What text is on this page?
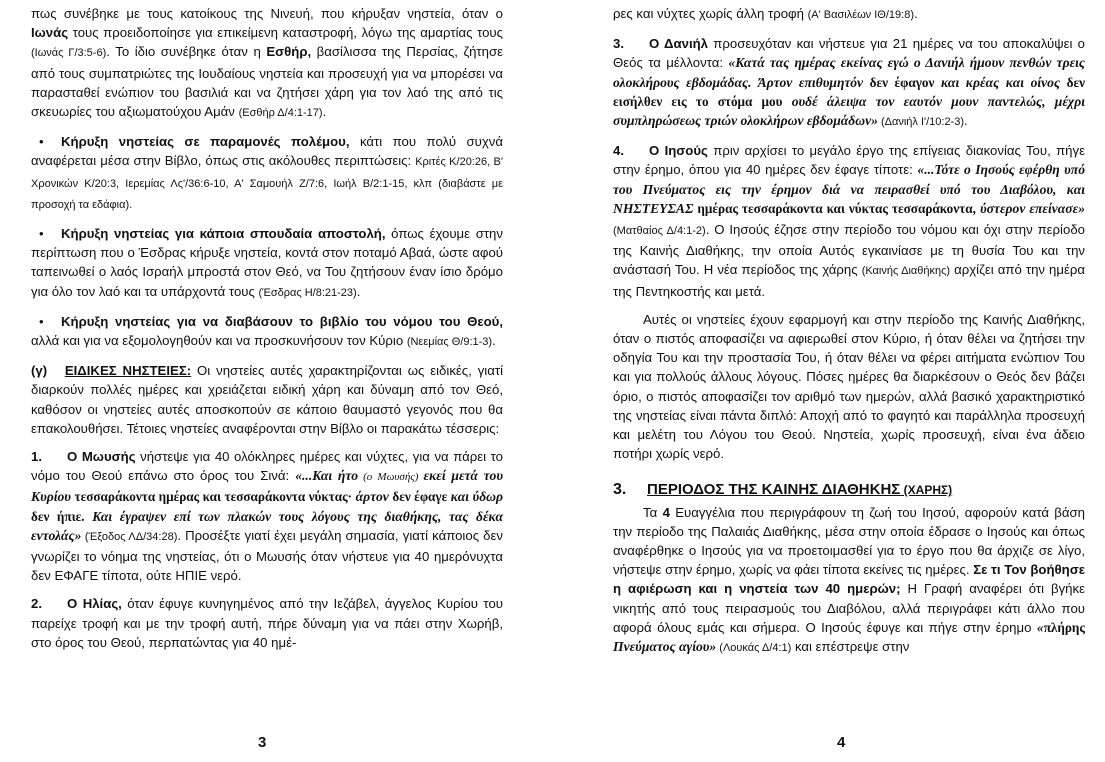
πως συνέβηκε με τους κατοίκους της Νινευή, που κήρυξαν νηστεία, όταν ο Ιωνάς τους προειδοποίησε για επικείμενη καταστροφή, λόγω της αμαρτίας τους (Ιωνάς Γ/3:5-6). Το ίδιο συνέβηκε όταν η Εσθήρ, βασίλισσα της Περσίας, ζήτησε από τους συμπατριώτες της Ιουδαίους νηστεία και προσευχή για να μπορέσει να παρασταθεί ενώπιον του βασιλιά και να ζητήσει χάρη για τον λαό της από τις σκευωρίες του αξιωματούχου Αμάν (Εσθήρ Δ/4:1-17).

• Κήρυξη νηστείας σε παραμονές πολέμου, κάτι που πολύ συχνά αναφέρεται μέσα στην Βίβλο, όπως στις ακόλουθες περιπτώσεις: Κριτές Κ/20:26, Β' Χρονικών Κ/20:3, Ιερεμίας Λς'/36:6-10, Α' Σαμουήλ Ζ/7:6, Ιωήλ Β/2:1-15, κλπ (διαβάστε με προσοχή τα εδάφια).

• Κήρυξη νηστείας για κάποια σπουδαία αποστολή, όπως έχουμε στην περίπτωση που ο Έσδρας κήρυξε νηστεία, κοντά στον ποταμό Αβαά, ώστε αφού ταπεινωθεί ο λαός Ισραήλ μπροστά στον Θεό, να Του ζητήσουν έναν ίσιο δρόμο για όλο τον λαό και τα υπάρχοντά τους (Έσδρας Η/8:21-23).

• Κήρυξη νηστείας για να διαβάσουν το βιβλίο του νόμου του Θεού, αλλά και για να εξομολογηθούν και να προσκυνήσουν τον Κύριο (Νεεμίας Θ/9:1-3).

(γ) ΕΙΔΙΚΕΣ ΝΗΣΤΕΙΕΣ: Οι νηστείες αυτές χαρακτηρίζονται ως ειδικές, γιατί διαρκούν πολλές ημέρες και χρειάζεται ειδική χάρη και δύναμη από τον Θεό, καθόσον οι νηστείες αυτές αποσκοπούν σε κάποιο θαυμαστό γεγονός που θα επακολουθήσει. Τέτοιες νηστείες αναφέρονται στην Βίβλο οι παρακάτω τέσσερις:

1. Ο Μωυσής νήστεψε για 40 ολόκληρες ημέρες και νύχτες, για να πάρει το νόμο του Θεού επάνω στο όρος του Σινά: «...Και ήτο (ο Μωυσής) εκεί μετά του Κυρίου τεσσαράκοντα ημέρας και τεσσαράκοντα νύκτας· άρτον δεν έφαγε και ύδωρ δεν ήπιε. Και έγραψεν επί των πλακών τους λόγους της διαθήκης, τας δέκα εντολάς» (Έξοδος ΛΔ/34:28). Προσέξτε γιατί έχει μεγάλη σημασία, γιατί κάποιος δεν γνωρίζει το νόημα της νηστείας, ότι ο Μωυσής όταν νήστευε για 40 ημερόνυχτα δεν ΕΦΑΓΕ τίποτα, ούτε ΗΠΙΕ νερό.

2. Ο Ηλίας, όταν έφυγε κυνηγημένος από την Ιεζάβελ, άγγελος Κυρίου του παρείχε τροφή και με την τροφή αυτή, πήρε δύναμη για να πάει στην Χωρήβ, στο όρος του Θεού, περπατώντας για 40 ημέ-

3

ρες και νύχτες χωρίς άλλη τροφή (Α' Βασιλέων ΙΘ/19:8).

3. Ο Δανιήλ προσευχόταν και νήστευε για 21 ημέρες να του αποκαλύψει ο Θεός τα μέλλοντα: «Κατά τας ημέρας εκείνας εγώ ο Δανιήλ ήμουν πενθών τρεις ολοκλήρους εβδομάδας. Άρτον επιθυμητόν δεν έφαγον και κρέας και οίνος δεν εισήλθεν εις το στόμα μου ουδέ άλειψα τον εαυτόν μουν παντελώς, μέχρι συμπληρώσεως τριών ολοκλήρων εβδομάδων» (Δανιήλ Ι'/10:2-3).

4. Ο Ιησούς πριν αρχίσει το μεγάλο έργο της επίγειας διακονίας Του, πήγε στην έρημο, όπου για 40 ημέρες δεν έφαγε τίποτε: «...Τότε ο Ιησούς εφέρθη υπό του Πνεύματος εις την έρημον διά να πειρασθεί υπό του Διαβόλου, και ΝΗΣΤΕΥΣΑΣ ημέρας τεσσαράκοντα και νύκτας τεσσαράκοντα, ύστερον επείνασε» (Ματθαίος Δ/4:1-2). Ο Ιησούς έζησε στην περίοδο του νόμου και όχι στην περίοδο της Καινής Διαθήκης, την οποία Αυτός εγκαινίασε με τη θυσία Του και την ανάστασή Του. Η νέα περίοδος της χάρης (Καινής Διαθήκης) αρχίζει από την ημέρα της Πεντηκοστής και μετά.

Αυτές οι νηστείες έχουν εφαρμογή και στην περίοδο της Καινής Διαθήκης, όταν ο πιστός αποφασίζει να αφιερωθεί στον Κύριο, ή όταν θέλει να ζητήσει την οδηγία Του και την προστασία Του, ή όταν θέλει να φέρει αιτήματα ενώπιον Του και για πολλούς άλλους λόγους. Πόσες ημέρες θα διαρκέσουν ο Θεός δεν βάζει όριο, ο πιστός αποφασίζει τον αριθμό των ημερών, αλλά βασικό χαρακτηριστικό της νηστείας είναι πάντα διπλό: Αποχή από το φαγητό και παράλληλα προσευχή και μελέτη του Λόγου του Θεού. Νηστεία, χωρίς προσευχή, είναι ένα άδειο ποτήρι χωρίς νερό.

3. ΠΕΡΙΟΔΟΣ ΤΗΣ ΚΑΙΝΗΣ ΔΙΑΘΗΚΗΣ (ΧΑΡΗΣ)

Τα 4 Ευαγγέλια που περιγράφουν τη ζωή του Ιησού, αφορούν κατά βάση την περίοδο της Παλαιάς Διαθήκης, μέσα στην οποία έδρασε ο Ιησούς και όπως αναφέρθηκε ο Ιησούς για να προετοιμασθεί για το έργο που θα άρχιζε σε λίγο, νήστεψε στην έρημο, χωρίς να φάει τίποτα εκείνες τις ημέρες. Σε τι Τον βοήθησε η αφιέρωση και η νηστεία των 40 ημερών; Η Γραφή αναφέρει ότι βγήκε νικητής από τους πειρασμούς του Διαβόλου, αλλά περιγράφει κάτι άλλο που αφορά όλους εμάς και σήμερα. Ο Ιησούς έφυγε και πήγε στην έρημο «πλήρης Πνεύματος αγίου» (Λουκάς Δ/4:1) και επέστρεψε στην

4
